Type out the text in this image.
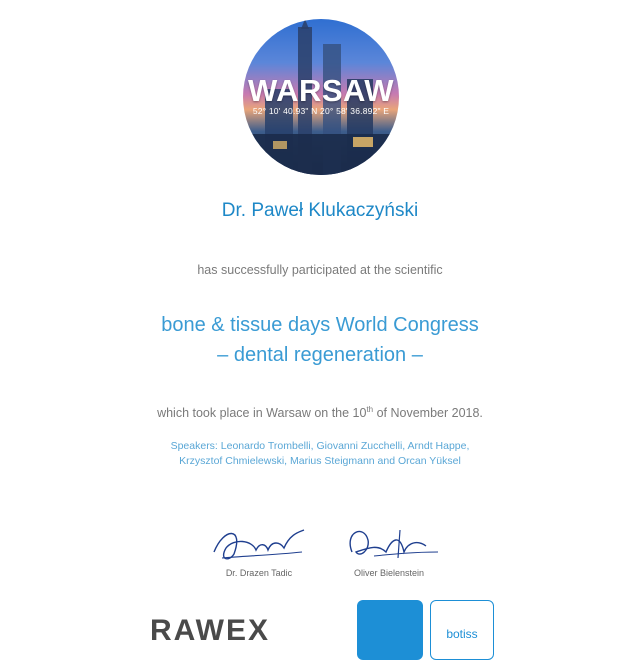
WARSAW
52° 10' 40.93" N 20° 58' 36.892" E
Dr. Paweł Klukaczyński
has successfully participated at the scientific
bone & tissue days World Congress
– dental regeneration –
which took place in Warsaw on the 10th of November 2018.
Speakers: Leonardo Trombelli, Giovanni Zucchelli, Arndt Happe,
Krzysztof Chmielewski, Marius Steigmann and Orcan Yüksel
Dr. Drazen Tadic	Oliver Bielenstein
RAWEX	botiss
